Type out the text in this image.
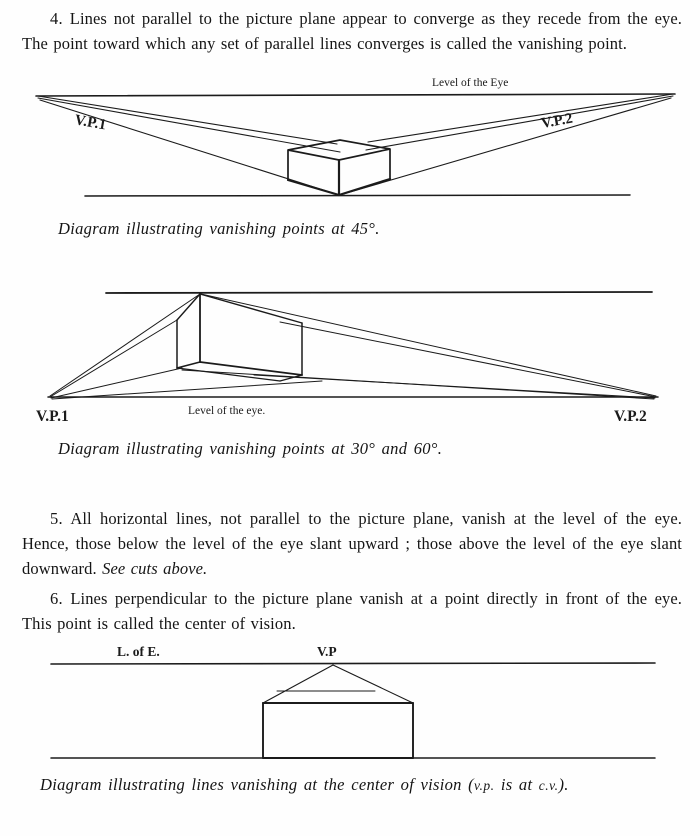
4. Lines not parallel to the picture plane appear to converge as they recede from the eye. The point toward which any set of parallel lines converges is called the vanishing point.
Level of the Eye
V.P.1	V.P.2
Diagram illustrating vanishing points at 45°.
Level of the eye.
V.P.1	V.P.2
Diagram illustrating vanishing points at 30° and 60°.
5. All horizontal lines, not parallel to the picture plane, vanish at the level of the eye. Hence, those below the level of the eye slant upward ; those above the level of the eye slant downward. See cuts above.
6. Lines perpendicular to the picture plane vanish at a point directly in front of the eye. This point is called the center of vision.
L. of E.	V.P
Diagram illustrating lines vanishing at the center of vision (v.p. is at c.v.).
